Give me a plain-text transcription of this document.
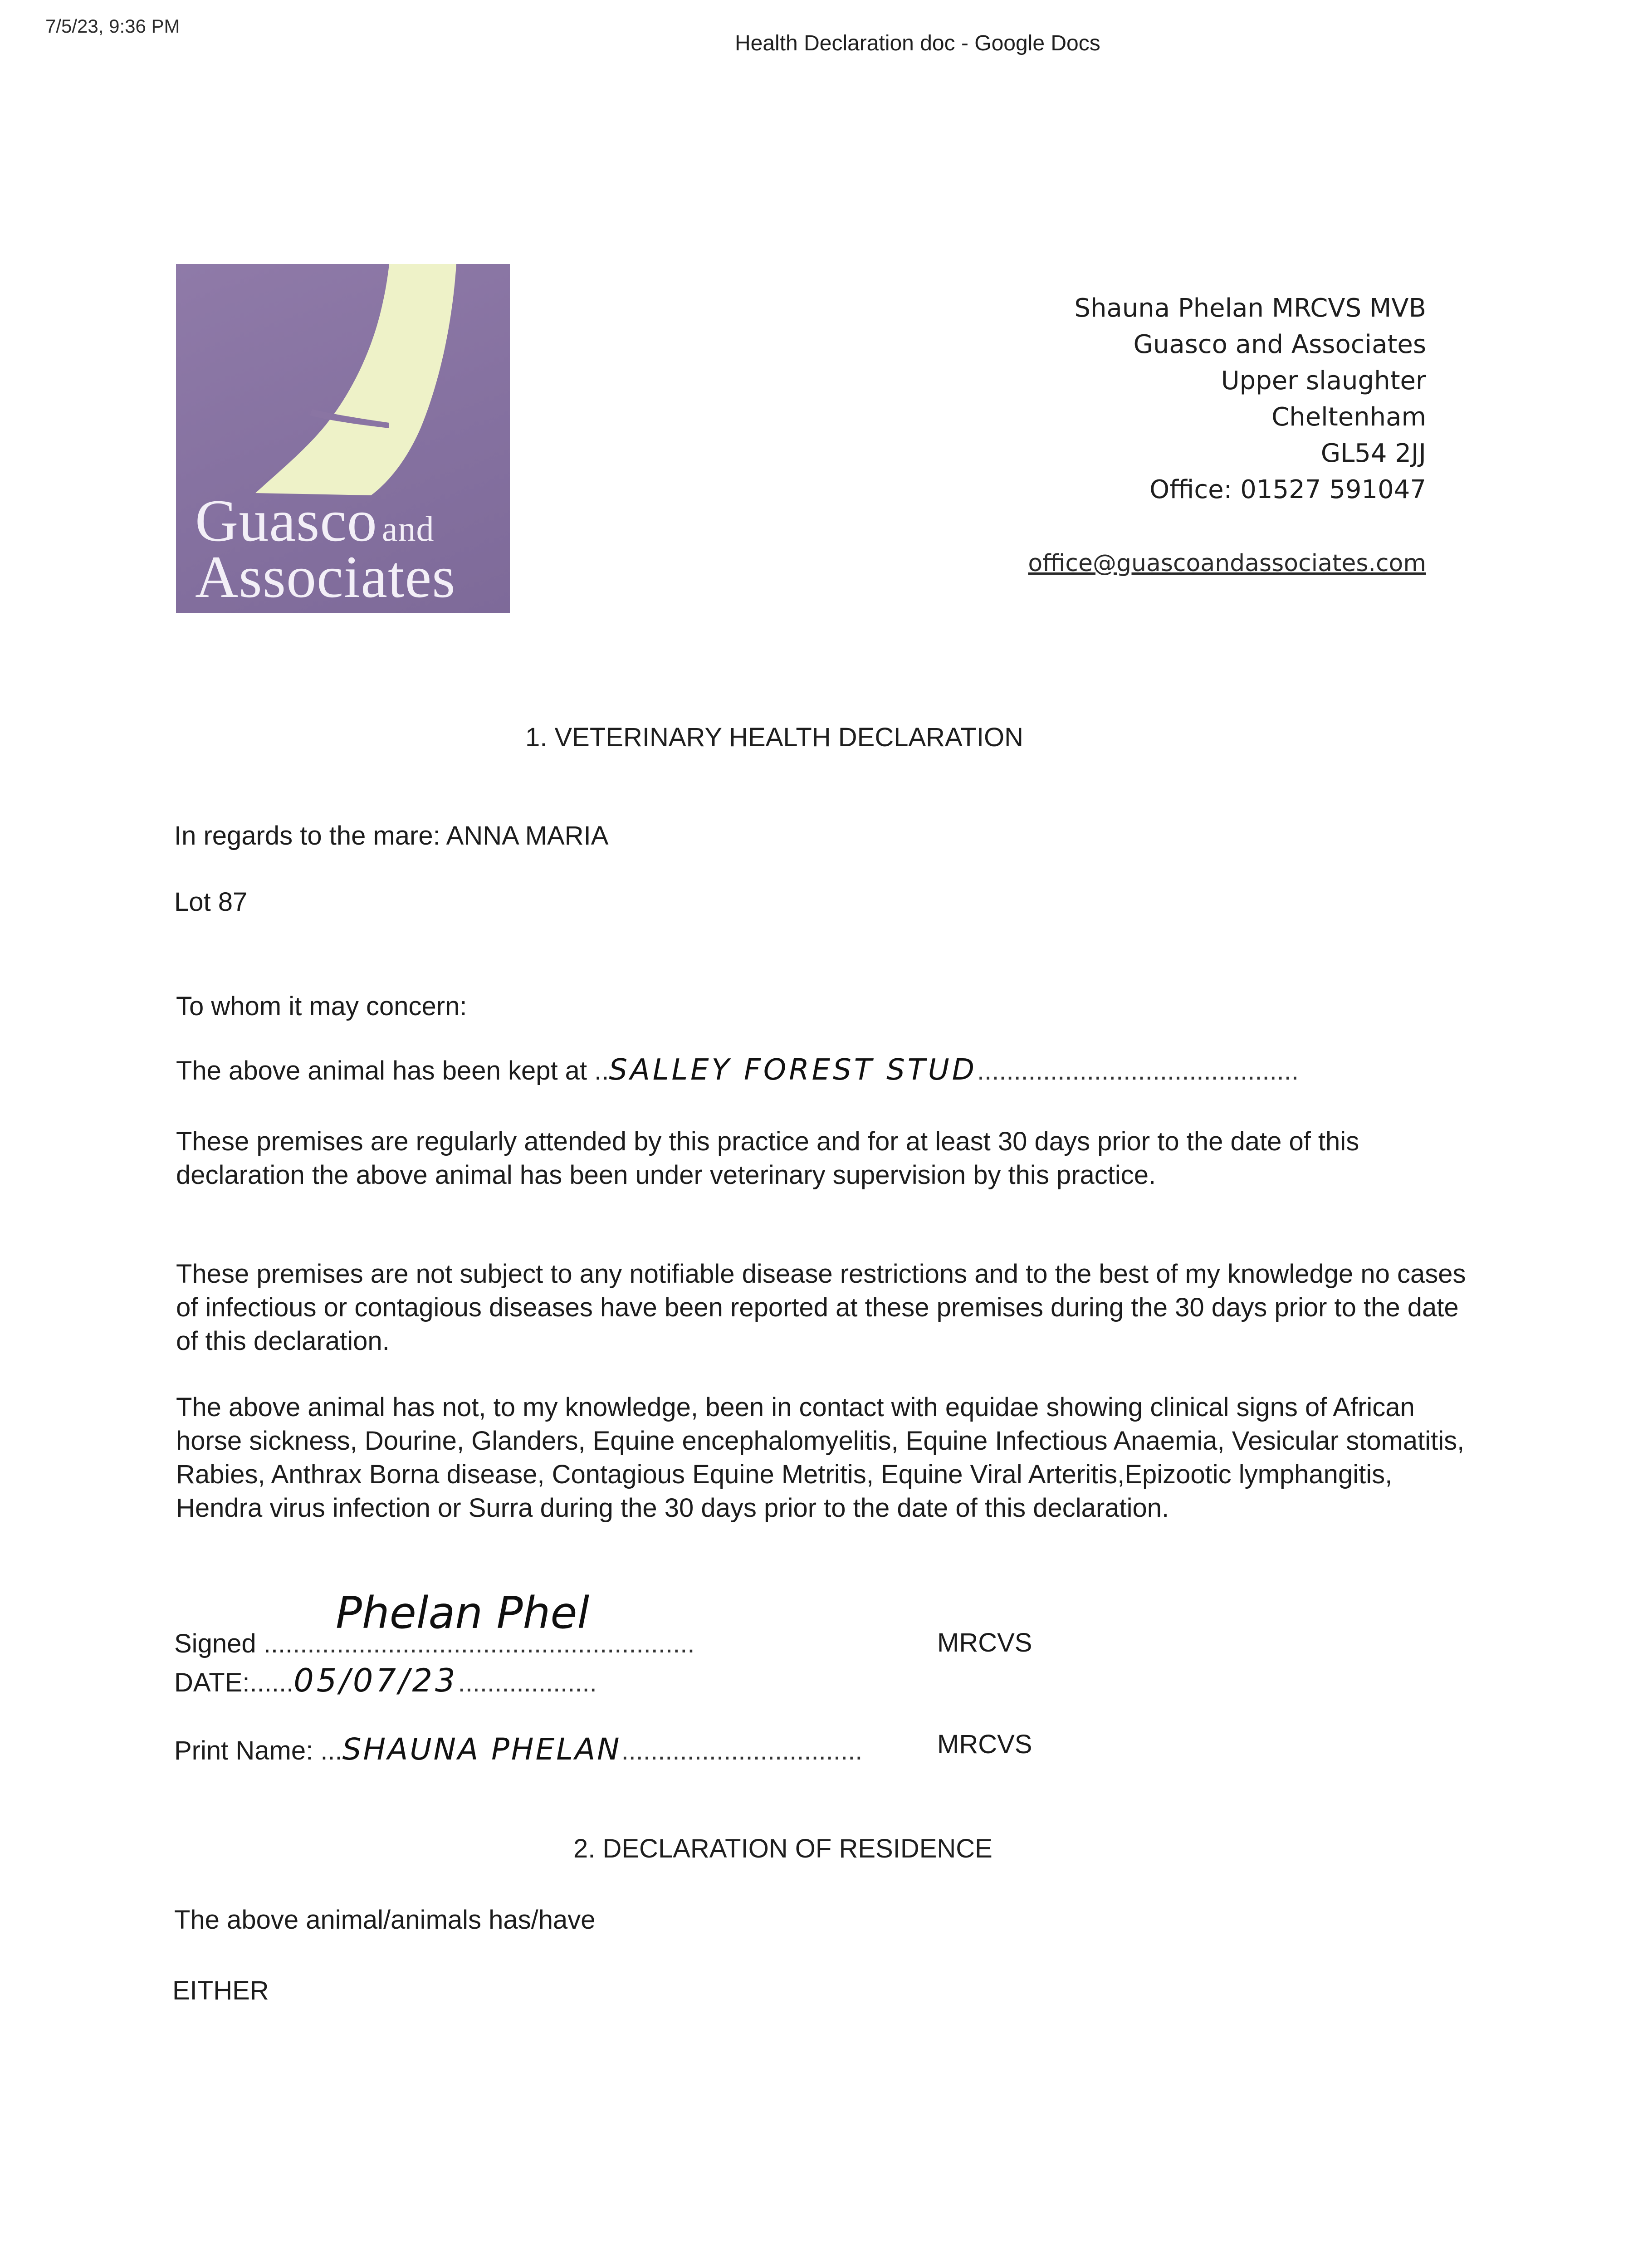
7/5/23, 9:36 PM
Health Declaration doc - Google Docs
Guasco and
Associates
Shauna Phelan MRCVS MVB
Guasco and Associates
Upper slaughter
Cheltenham
GL54 2JJ
Office: 01527 591047
office@guascoandassociates.com
1. VETERINARY HEALTH DECLARATION
In regards to the mare: ANNA MARIA
Lot 87
To whom it may concern:
The above animal has been kept at ..SALLEY FOREST STUD............................................
These premises are regularly attended by this practice and for at least 30 days prior to the date of this declaration the above animal has been under veterinary supervision by this practice.
These premises are not subject to any notifiable disease restrictions and to the best of my knowledge no cases of infectious or contagious diseases have been reported at these premises during the 30 days prior to the date of this declaration.
The above animal has not, to my knowledge, been in contact with equidae showing clinical signs of African horse sickness, Dourine, Glanders, Equine encephalomyelitis, Equine Infectious Anaemia, Vesicular stomatitis, Rabies, Anthrax Borna disease, Contagious Equine Metritis, Equine Viral Arteritis,Epizootic lymphangitis, Hendra virus infection or Surra during the 30 days prior to the date of this declaration.
Signed ...........................................................
Phelan Phel
MRCVS
DATE:......05/07/23...................
Print Name: ...SHAUNA PHELAN.................................	MRCVS
2. DECLARATION OF RESIDENCE
The above animal/animals has/have
EITHER
